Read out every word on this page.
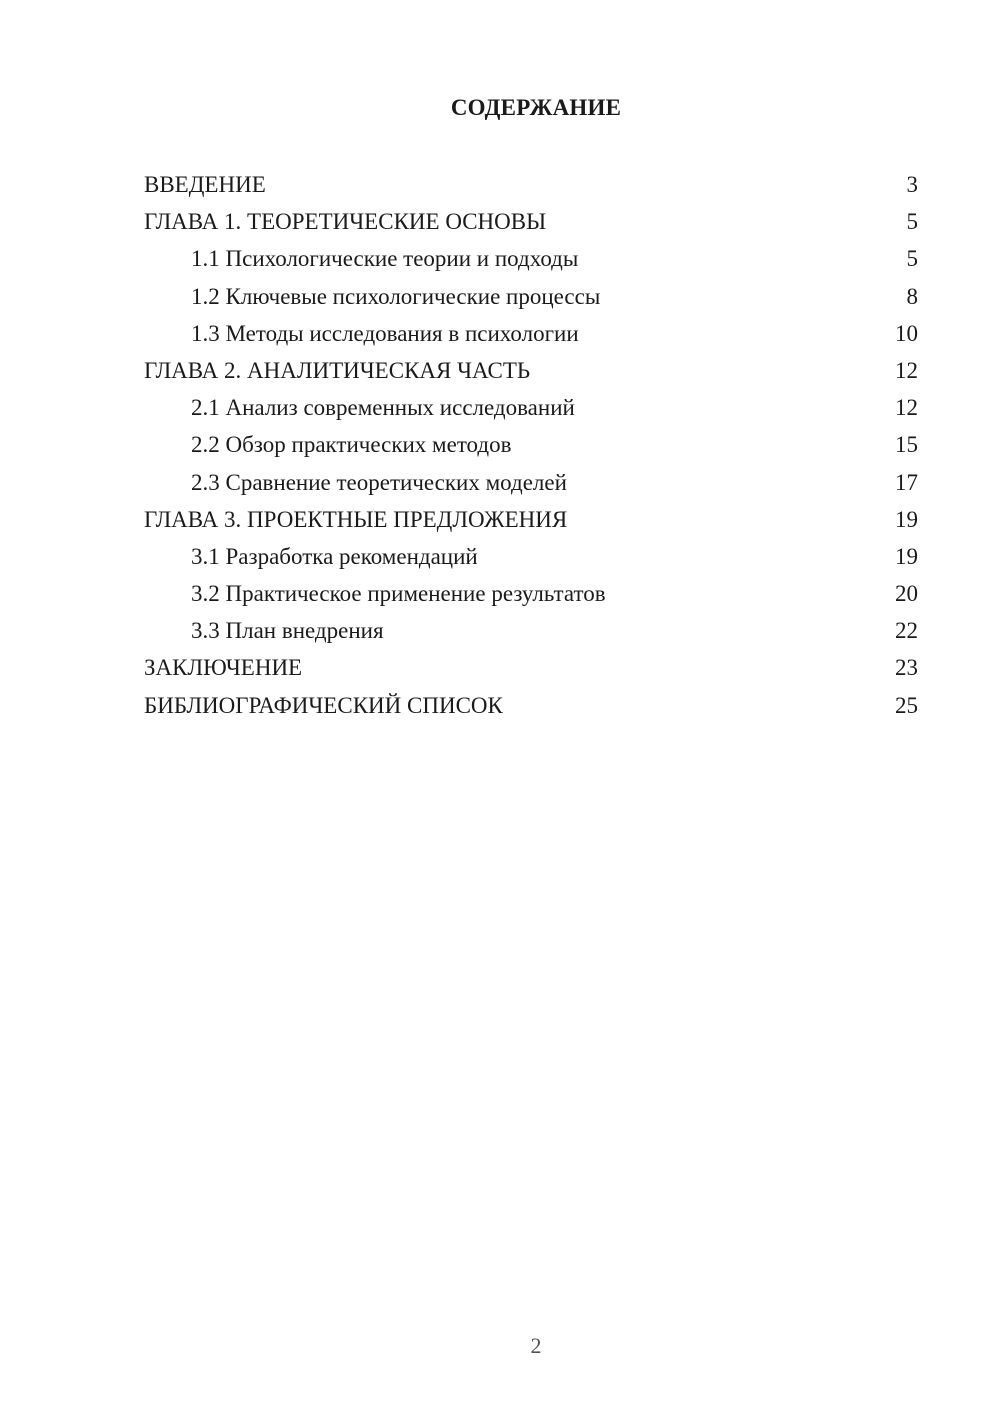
СОДЕРЖАНИЕ
ВВЕДЕНИЕ	3
ГЛАВА 1. ТЕОРЕТИЧЕСКИЕ ОСНОВЫ	5
1.1 Психологические теории и подходы	5
1.2 Ключевые психологические процессы	8
1.3 Методы исследования в психологии	10
ГЛАВА 2. АНАЛИТИЧЕСКАЯ ЧАСТЬ	12
2.1 Анализ современных исследований	12
2.2 Обзор практических методов	15
2.3 Сравнение теоретических моделей	17
ГЛАВА 3. ПРОЕКТНЫЕ ПРЕДЛОЖЕНИЯ	19
3.1 Разработка рекомендаций	19
3.2 Практическое применение результатов	20
3.3 План внедрения	22
ЗАКЛЮЧЕНИЕ	23
БИБЛИОГРАФИЧЕСКИЙ СПИСОК	25
2
